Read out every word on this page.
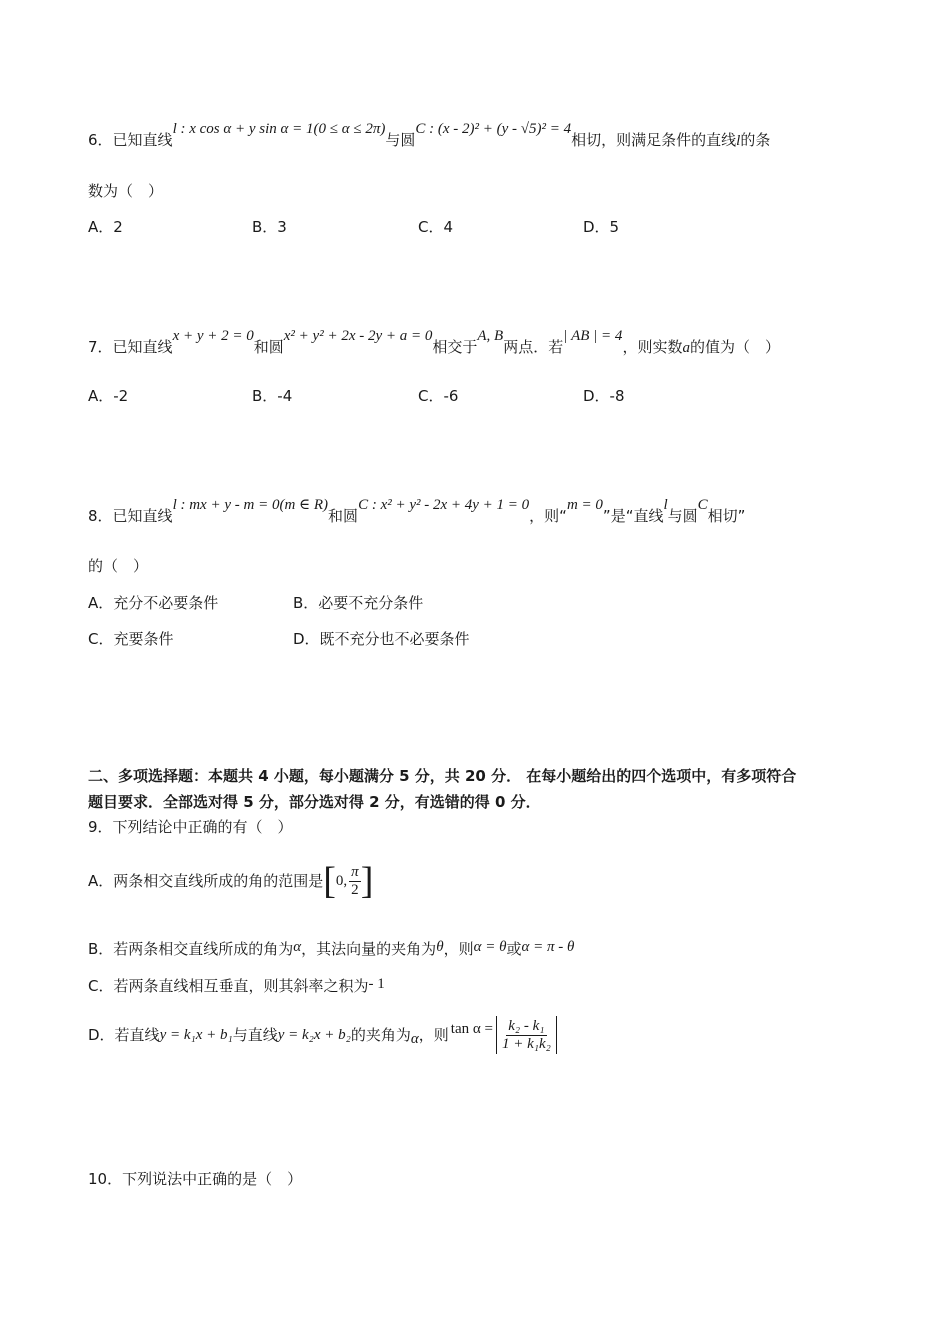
6．已知直线l : x cos α + y sin α = 1(0 ≤ α ≤ 2π)与圆C : (x - 2)² + (y - √5)² = 4相切，则满足条件的直线l的条
数为（　）
A．2	B．3	C．4	D．5
7．已知直线x + y + 2 = 0和圆x² + y² + 2x - 2y + a = 0相交于A, B两点．若| AB | = 4，则实数a的值为（　）
A．-2	B．-4	C．-6	D．-8
8．已知直线l : mx + y - m = 0(m ∈ R)和圆C : x² + y² - 2x + 4y + 1 = 0，则“m = 0”是“直线l与圆C相切”
的（　）
A．充分不必要条件	B．必要不充分条件
C．充要条件	D．既不充分也不必要条件
二、多项选择题：本题共 4 小题，每小题满分 5 分，共 20 分． 在每小题给出的四个选项中，有多项符合
题目要求．全部选对得 5 分，部分选对得 2 分，有选错的得 0 分．
9．下列结论中正确的有（　）
A．两条相交直线所成的角的范围是 [ 0, $\frac{\pi}{2}$ ]
B．若两条相交直线所成的角为α，其法向量的夹角为θ，则α = θ或α = π - θ
C．若两条直线相互垂直，则其斜率之积为- 1
D．若直线 y = k₁x + b₁ 与直线 y = k₂x + b₂ 的夹角为 α ，则 $\tan \alpha = \frac{\text{k₂ - k₁}}{\text{1 + k₁k₂}}$
10．下列说法中正确的是（　）
